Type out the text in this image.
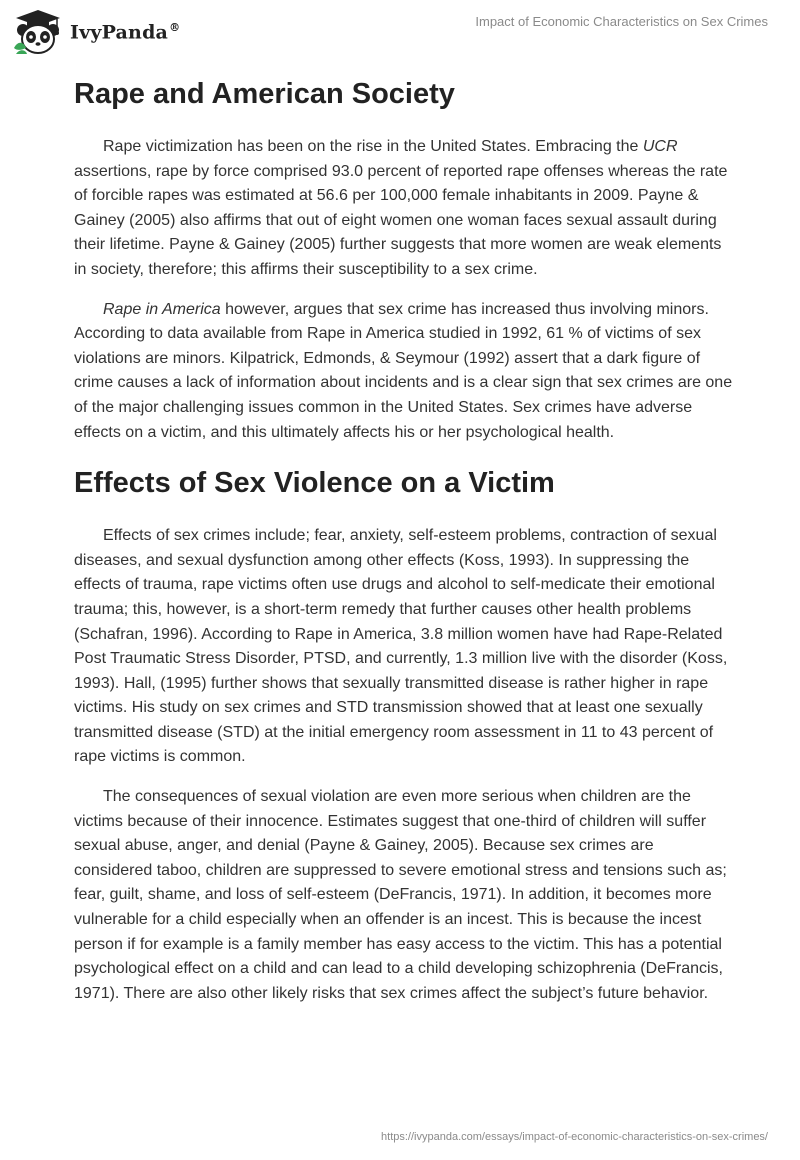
IvyPanda®	Impact of Economic Characteristics on Sex Crimes
Rape and American Society

Rape victimization has been on the rise in the United States. Embracing the UCR assertions, rape by force comprised 93.0 percent of reported rape offenses whereas the rate of forcible rapes was estimated at 56.6 per 100,000 female inhabitants in 2009. Payne & Gainey (2005) also affirms that out of eight women one woman faces sexual assault during their lifetime. Payne & Gainey (2005) further suggests that more women are weak elements in society, therefore; this affirms their susceptibility to a sex crime.

Rape in America however, argues that sex crime has increased thus involving minors. According to data available from Rape in America studied in 1992, 61 % of victims of sex violations are minors. Kilpatrick, Edmonds, & Seymour (1992) assert that a dark figure of crime causes a lack of information about incidents and is a clear sign that sex crimes are one of the major challenging issues common in the United States. Sex crimes have adverse effects on a victim, and this ultimately affects his or her psychological health.

Effects of Sex Violence on a Victim

Effects of sex crimes include; fear, anxiety, self-esteem problems, contraction of sexual diseases, and sexual dysfunction among other effects (Koss, 1993). In suppressing the effects of trauma, rape victims often use drugs and alcohol to self-medicate their emotional trauma; this, however, is a short-term remedy that further causes other health problems (Schafran, 1996). According to Rape in America, 3.8 million women have had Rape-Related Post Traumatic Stress Disorder, PTSD, and currently, 1.3 million live with the disorder (Koss, 1993). Hall, (1995) further shows that sexually transmitted disease is rather higher in rape victims. His study on sex crimes and STD transmission showed that at least one sexually transmitted disease (STD) at the initial emergency room assessment in 11 to 43 percent of rape victims is common.

The consequences of sexual violation are even more serious when children are the victims because of their innocence. Estimates suggest that one-third of children will suffer sexual abuse, anger, and denial (Payne & Gainey, 2005). Because sex crimes are considered taboo, children are suppressed to severe emotional stress and tensions such as; fear, guilt, shame, and loss of self-esteem (DeFrancis, 1971). In addition, it becomes more vulnerable for a child especially when an offender is an incest. This is because the incest person if for example is a family member has easy access to the victim. This has a potential psychological effect on a child and can lead to a child developing schizophrenia (DeFrancis, 1971). There are also other likely risks that sex crimes affect the subject’s future behavior.

https://ivypanda.com/essays/impact-of-economic-characteristics-on-sex-crimes/
